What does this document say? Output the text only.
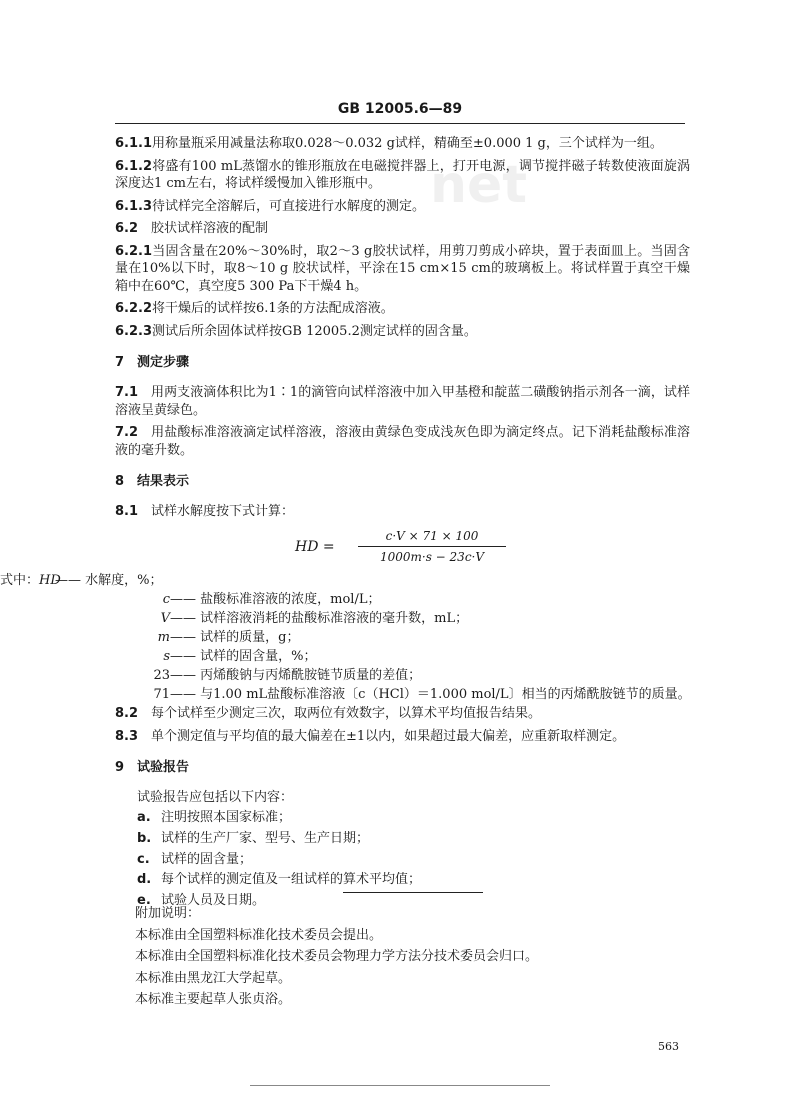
net
GB 12005.6—89

6.1.1用称量瓶采用减量法称取0.028～0.032 g试样，精确至±0.000 1 g，三个试样为一组。

6.1.2将盛有100 mL蒸馏水的锥形瓶放在电磁搅拌器上，打开电源，调节搅拌磁子转数使液面旋涡深度达1 cm左右，将试样缓慢加入锥形瓶中。

6.1.3待试样完全溶解后，可直接进行水解度的测定。

6.2 胶状试样溶液的配制

6.2.1当固含量在20%～30%时，取2～3 g胶状试样，用剪刀剪成小碎块，置于表面皿上。当固含量在10%以下时，取8～10 g 胶状试样，平涂在15 cm×15 cm的玻璃板上。将试样置于真空干燥箱中在60℃，真空度5 300 Pa下干燥4 h。

6.2.2将干燥后的试样按6.1条的方法配成溶液。

6.2.3测试后所余固体试样按GB 12005.2测定试样的固含量。

7 测定步骤

7.1 用两支液滴体积比为1∶1的滴管向试样溶液中加入甲基橙和靛蓝二磺酸钠指示剂各一滴，试样溶液呈黄绿色。

7.2 用盐酸标准溶液滴定试样溶液，溶液由黄绿色变成浅灰色即为滴定终点。记下消耗盐酸标准溶液的毫升数。

8 结果表示

8.1 试样水解度按下式计算：

HD = $\frac{c\cdot V \times 71 \times 100}{1000m\cdot s - 23c\cdot V}$

式中：HD—— 水解度，%；

c—— 盐酸标准溶液的浓度，mol/L；

V—— 试样溶液消耗的盐酸标准溶液的毫升数，mL；

m—— 试样的质量，g；

s—— 试样的固含量，%；

23—— 丙烯酸钠与丙烯酰胺链节质量的差值；

71—— 与1.00 mL盐酸标准溶液〔c（HCl）＝1.000 mol/L〕相当的丙烯酰胺链节的质量。

8.2 每个试样至少测定三次，取两位有效数字，以算术平均值报告结果。

8.3 单个测定值与平均值的最大偏差在±1以内，如果超过最大偏差，应重新取样测定。

9 试验报告

试验报告应包括以下内容：

a. 注明按照本国家标准；

b. 试样的生产厂家、型号、生产日期；

c. 试样的固含量；

d. 每个试样的测定值及一组试样的算术平均值；

e. 试验人员及日期。

附加说明：

本标准由全国塑料标准化技术委员会提出。

本标准由全国塑料标准化技术委员会物理力学方法分技术委员会归口。

本标准由黑龙江大学起草。

本标准主要起草人张贞浴。

563
